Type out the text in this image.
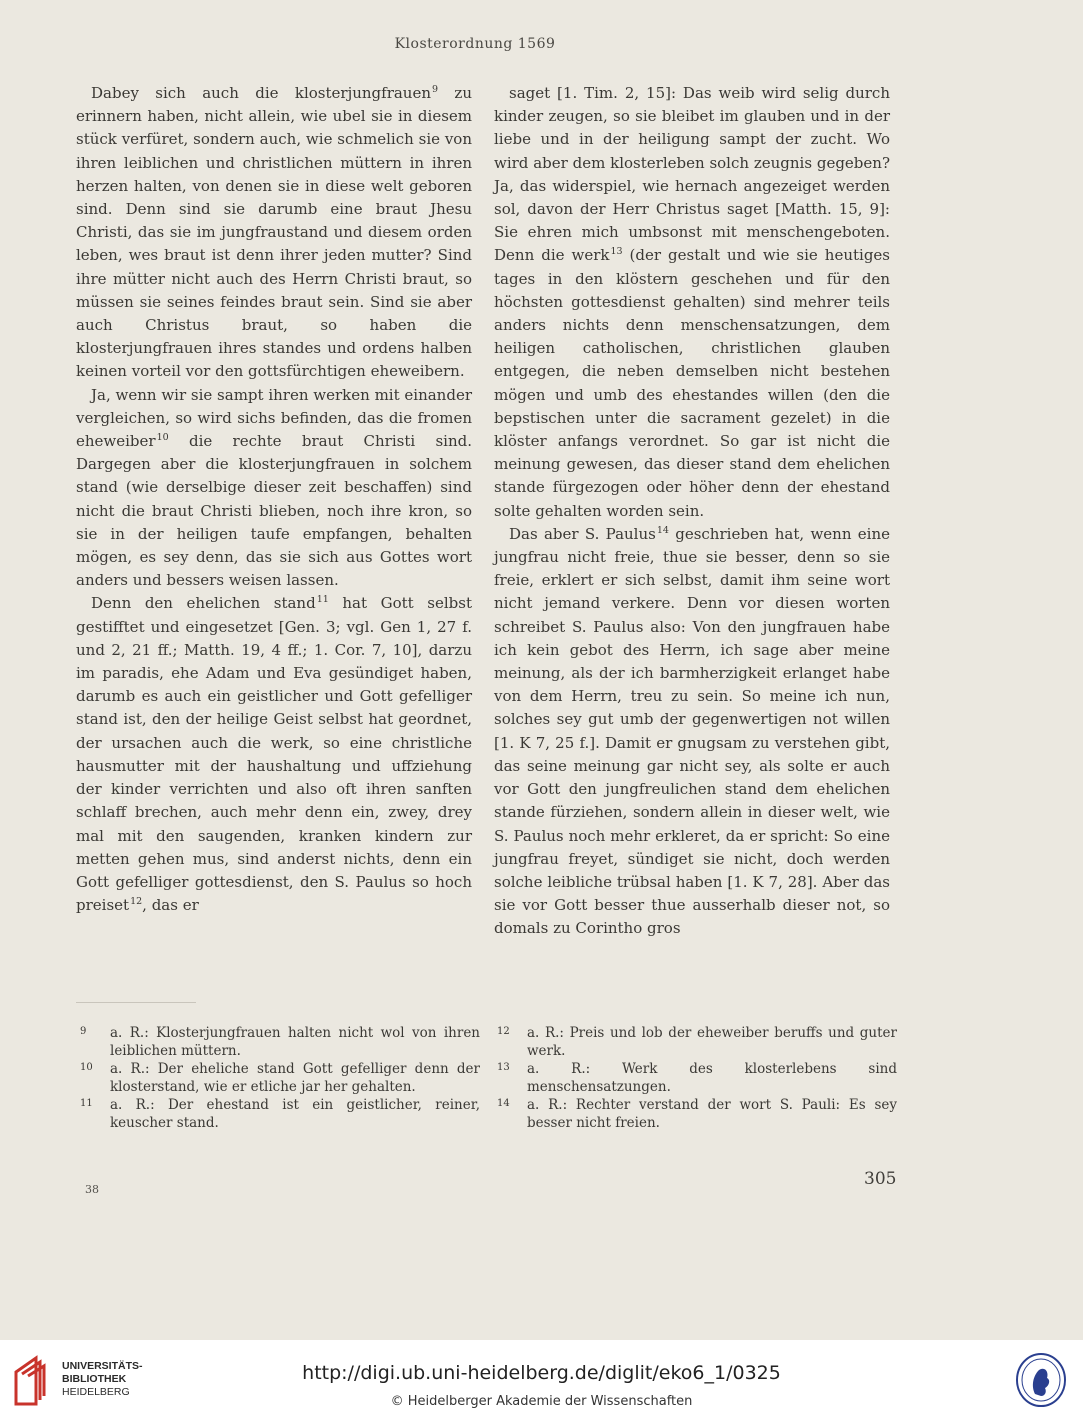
Klosterordnung 1569

Dabey sich auch die klosterjungfrauen$^9$ zu erinnern haben, nicht allein, wie ubel sie in diesem stück verfüret, sondern auch, wie schmelich sie von ihren leiblichen und christlichen müttern in ihren herzen halten, von denen sie in diese welt geboren sind. Denn sind sie darumb eine braut Jhesu Christi, das sie im jungfraustand und diesem orden leben, wes braut ist denn ihrer jeden mutter? Sind ihre mütter nicht auch des Herrn Christi braut, so müssen sie seines feindes braut sein. Sind sie aber auch Christus braut, so haben die klosterjungfrauen ihres standes und ordens halben keinen vorteil vor den gottsfürchtigen eheweibern.

Ja, wenn wir sie sampt ihren werken mit einander vergleichen, so wird sichs befinden, das die fromen eheweiber$^{10}$ die rechte braut Christi sind. Dargegen aber die klosterjungfrauen in solchem stand (wie derselbige dieser zeit beschaffen) sind nicht die braut Christi blieben, noch ihre kron, so sie in der heiligen taufe empfangen, behalten mögen, es sey denn, das sie sich aus Gottes wort anders und bessers weisen lassen.

Denn den ehelichen stand$^{11}$ hat Gott selbst gestifftet und eingesetzet [Gen. 3; vgl. Gen 1, 27 f. und 2, 21 ff.; Matth. 19, 4 ff.; 1. Cor. 7, 10], darzu im paradis, ehe Adam und Eva gesündiget haben, darumb es auch ein geistlicher und Gott gefelliger stand ist, den der heilige Geist selbst hat geordnet, der ursachen auch die werk, so eine christliche hausmutter mit der haushaltung und uffziehung der kinder verrichten und also oft ihren sanften schlaff brechen, auch mehr denn ein, zwey, drey mal mit den saugenden, kranken kindern zur metten gehen mus, sind anderst nichts, denn ein Gott gefelliger gottesdienst, den S. Paulus so hoch preiset$^{12}$, das er

saget [1. Tim. 2, 15]: Das weib wird selig durch kinder zeugen, so sie bleibet im glauben und in der liebe und in der heiligung sampt der zucht. Wo wird aber dem klosterleben solch zeugnis gegeben? Ja, das widerspiel, wie hernach angezeiget werden sol, davon der Herr Christus saget [Matth. 15, 9]: Sie ehren mich umbsonst mit menschengeboten. Denn die werk$^{13}$ (der gestalt und wie sie heutiges tages in den klöstern geschehen und für den höchsten gottesdienst gehalten) sind mehrer teils anders nichts denn menschensatzungen, dem heiligen catholischen, christlichen glauben entgegen, die neben demselben nicht bestehen mögen und umb des ehestandes willen (den die bepstischen unter die sacrament gezelet) in die klöster anfangs verordnet. So gar ist nicht die meinung gewesen, das dieser stand dem ehelichen stande fürgezogen oder höher denn der ehestand solte gehalten worden sein.

Das aber S. Paulus$^{14}$ geschrieben hat, wenn eine jungfrau nicht freie, thue sie besser, denn so sie freie, erklert er sich selbst, damit ihm seine wort nicht jemand verkere. Denn vor diesen worten schreibet S. Paulus also: Von den jungfrauen habe ich kein gebot des Herrn, ich sage aber meine meinung, als der ich barmherzigkeit erlanget habe von dem Herrn, treu zu sein. So meine ich nun, solches sey gut umb der gegenwertigen not willen [1. K 7, 25 f.]. Damit er gnugsam zu verstehen gibt, das seine meinung gar nicht sey, als solte er auch vor Gott den jungfreulichen stand dem ehelichen stande fürziehen, sondern allein in dieser welt, wie S. Paulus noch mehr erkleret, da er spricht: So eine jungfrau freyet, sündiget sie nicht, doch werden solche leibliche trübsal haben [1. K 7, 28]. Aber das sie vor Gott besser thue ausserhalb dieser not, so domals zu Corintho gros

9 a. R.: Klosterjungfrauen halten nicht wol von ihren leiblichen müttern.
10 a. R.: Der eheliche stand Gott gefelliger denn der klosterstand, wie er etliche jar her gehalten.
11 a. R.: Der ehestand ist ein geistlicher, reiner, keuscher stand.
12 a. R.: Preis und lob der eheweiber beruffs und guter werk.
13 a. R.: Werk des klosterlebens sind menschensatzungen.
14 a. R.: Rechter verstand der wort S. Pauli: Es sey besser nicht freien.
305
38
UNIVERSITÄTS-
BIBLIOTHEK
HEIDELBERG
http://digi.ub.uni-heidelberg.de/diglit/eko6_1/0325
© Heidelberger Akademie der Wissenschaften
